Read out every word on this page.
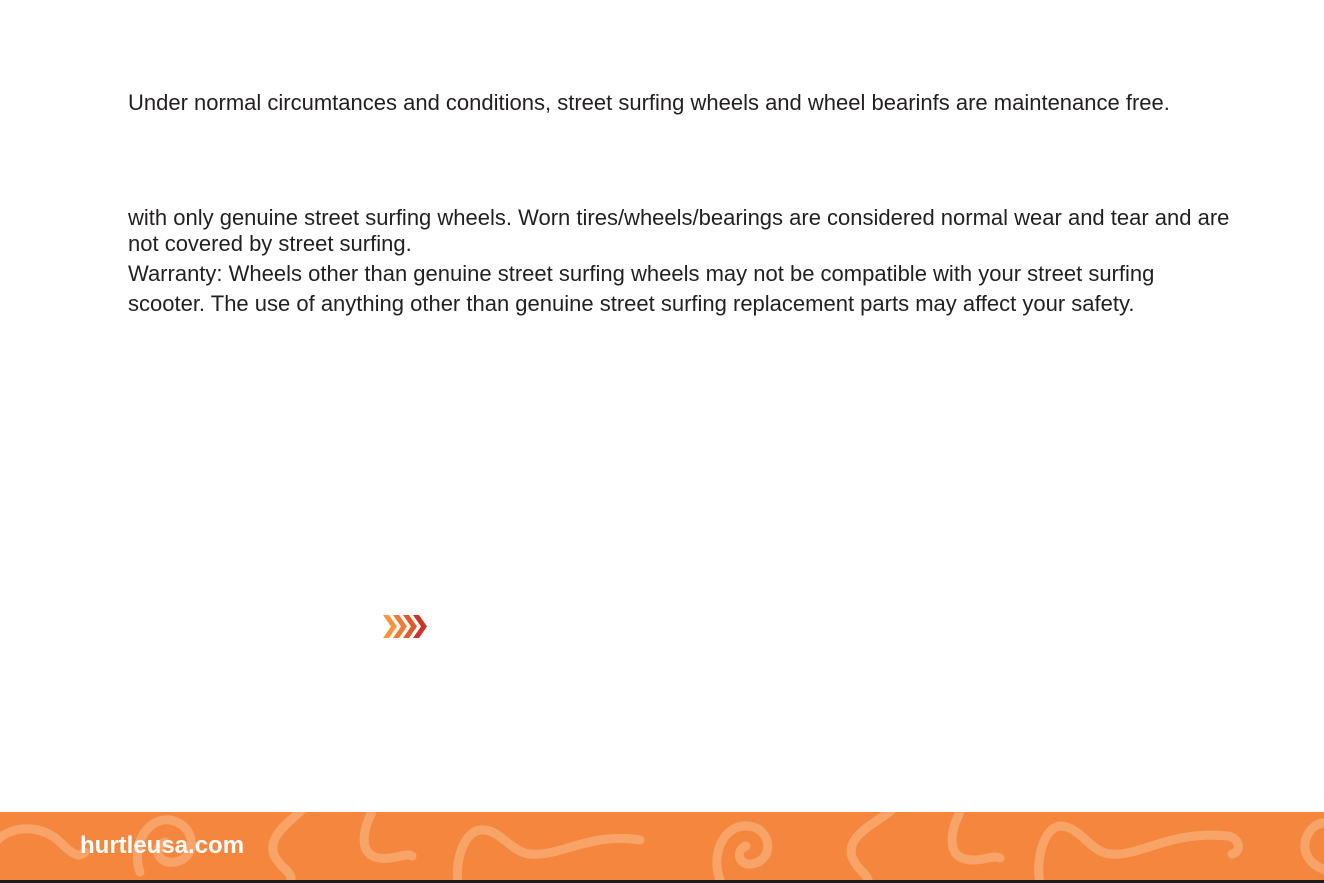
Under normal circumtances and conditions, street surfing wheels and wheel bearinfs are maintenance free.

with only genuine street surfing wheels. Worn tires/wheels/bearings are considered normal wear and tear and are

not covered by street surfing.

Warranty: Wheels other than genuine street surfing wheels may not be compatible with your street surfing

scooter. The use of anything other than genuine street surfing replacement parts may affect your safety.

hurtleusa.com
